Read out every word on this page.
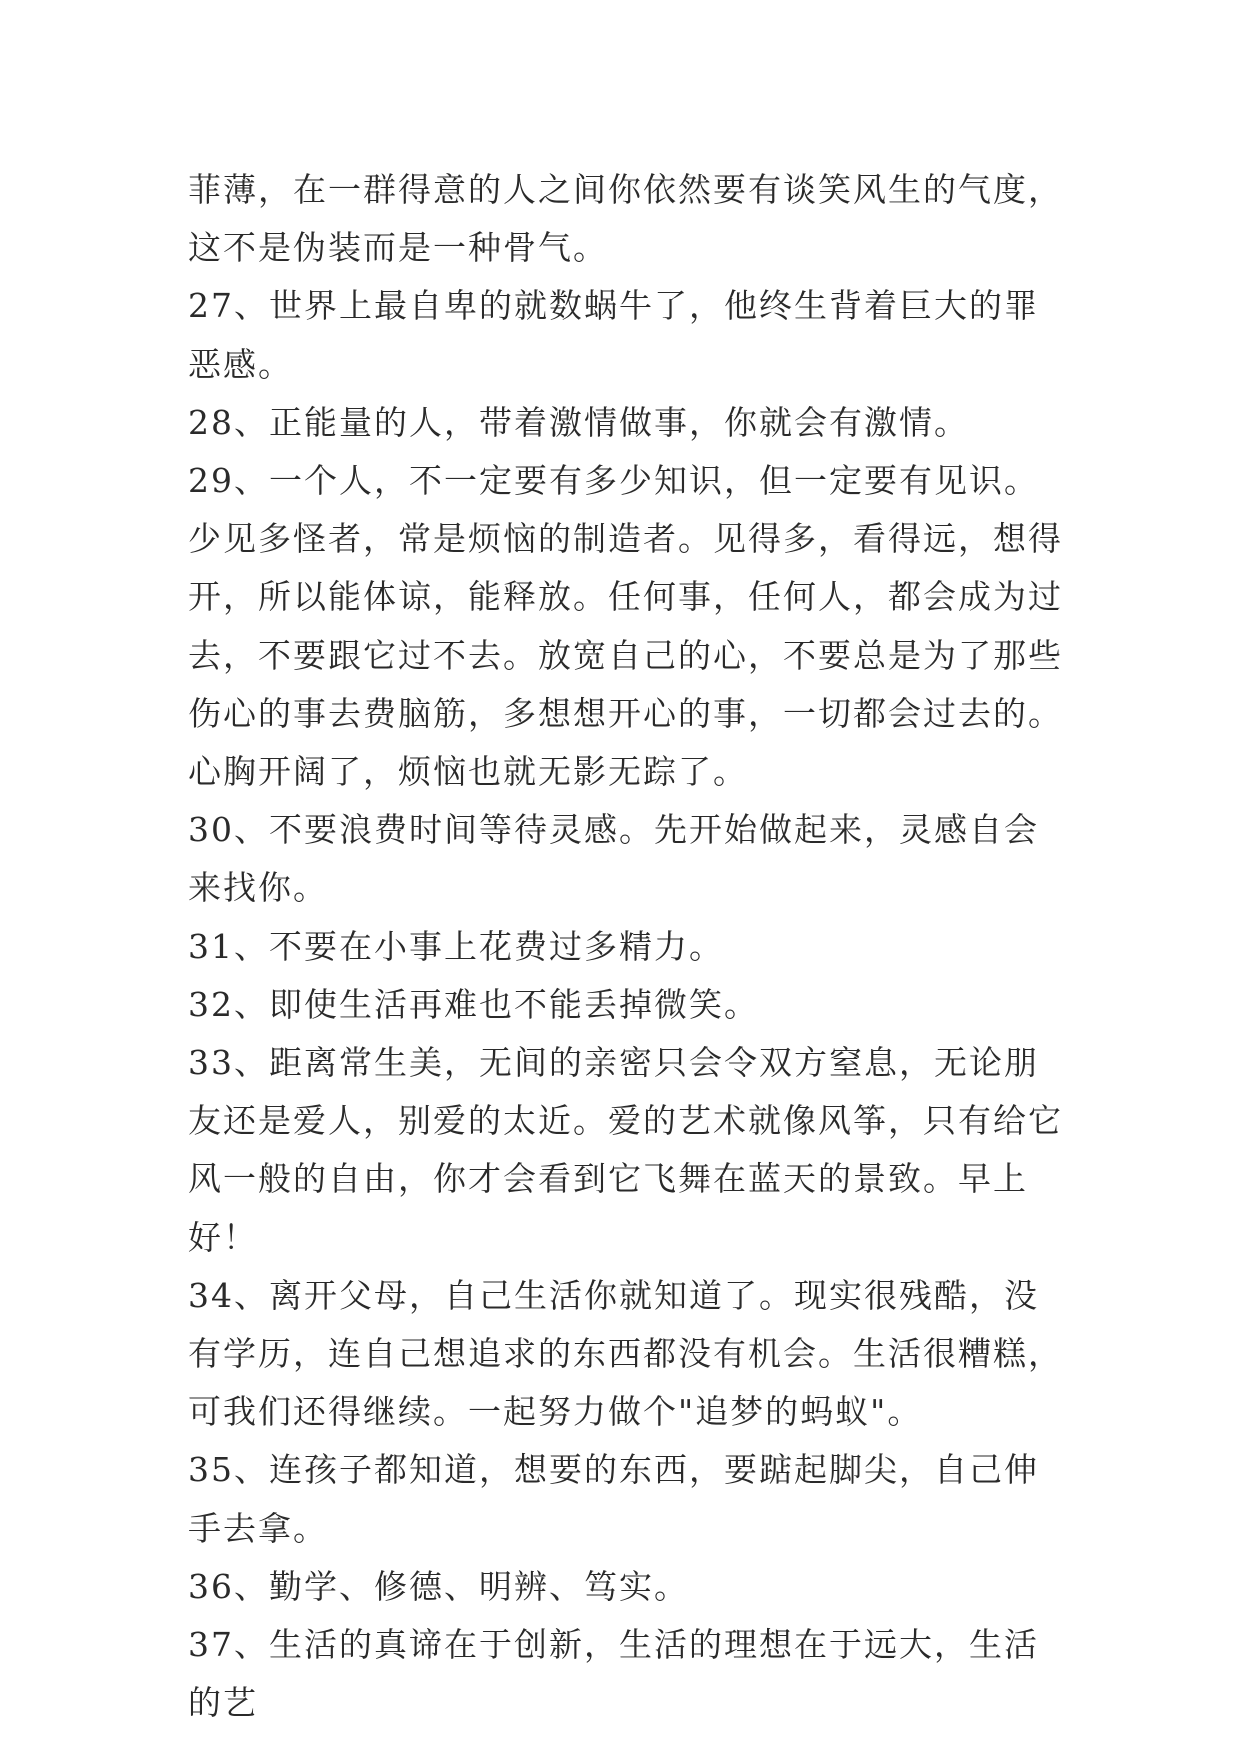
菲薄，在一群得意的人之间你依然要有谈笑风生的气度，这不是伪装而是一种骨气。

27、世界上最自卑的就数蜗牛了，他终生背着巨大的罪恶感。

28、正能量的人，带着激情做事，你就会有激情。

29、一个人，不一定要有多少知识，但一定要有见识。少见多怪者，常是烦恼的制造者。见得多，看得远，想得开，所以能体谅，能释放。任何事，任何人，都会成为过去，不要跟它过不去。放宽自己的心，不要总是为了那些伤心的事去费脑筋，多想想开心的事，一切都会过去的。心胸开阔了，烦恼也就无影无踪了。

30、不要浪费时间等待灵感。先开始做起来，灵感自会来找你。

31、不要在小事上花费过多精力。

32、即使生活再难也不能丢掉微笑。

33、距离常生美，无间的亲密只会令双方窒息，无论朋友还是爱人，别爱的太近。爱的艺术就像风筝，只有给它风一般的自由，你才会看到它飞舞在蓝天的景致。早上好！

34、离开父母，自己生活你就知道了。现实很残酷，没有学历，连自己想追求的东西都没有机会。生活很糟糕，可我们还得继续。一起努力做个"追梦的蚂蚁"。

35、连孩子都知道，想要的东西，要踮起脚尖，自己伸手去拿。

36、勤学、修德、明辨、笃实。

37、生活的真谛在于创新，生活的理想在于远大，生活的艺
